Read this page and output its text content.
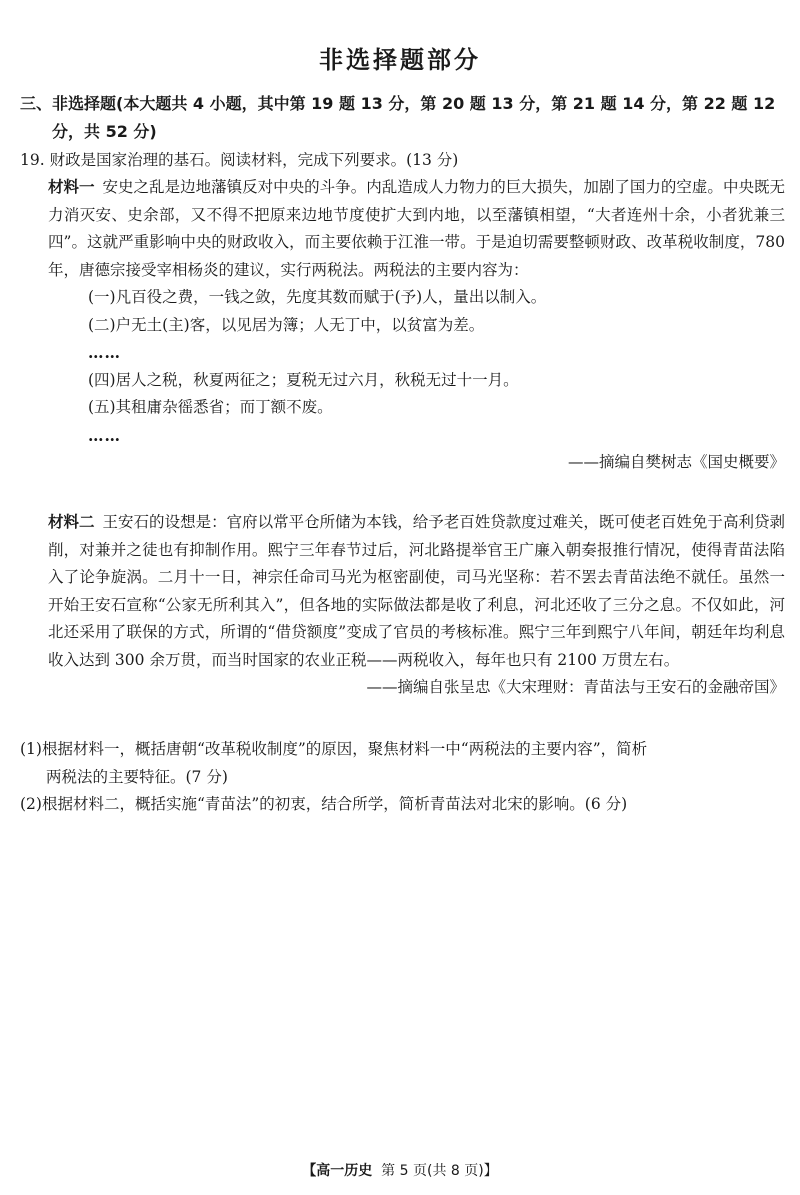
非选择题部分
三、非选择题(本大题共 4 小题，其中第 19 题 13 分，第 20 题 13 分，第 21 题 14 分，第 22 题 12
分，共 52 分)
19. 财政是国家治理的基石。阅读材料，完成下列要求。(13 分)

材料一 安史之乱是边地藩镇反对中央的斗争。内乱造成人力物力的巨大损失，加剧了国力的空虚。中央既无力消灭安、史余部，又不得不把原来边地节度使扩大到内地，以至藩镇相望，“大者连州十余，小者犹兼三四”。这就严重影响中央的财政收入，而主要依赖于江淮一带。于是迫切需要整顿财政、改革税收制度，780 年，唐德宗接受宰相杨炎的建议，实行两税法。两税法的主要内容为：

(一)凡百役之费，一钱之敛，先度其数而赋于(予)人，量出以制入。

(二)户无土(主)客，以见居为簿；人无丁中，以贫富为差。

……

(四)居人之税，秋夏两征之；夏税无过六月，秋税无过十一月。

(五)其租庸杂徭悉省；而丁额不废。

……

——摘编自樊树志《国史概要》

材料二 王安石的设想是：官府以常平仓所储为本钱，给予老百姓贷款度过难关，既可使老百姓免于高利贷剥削，对兼并之徒也有抑制作用。熙宁三年春节过后，河北路提举官王广廉入朝奏报推行情况，使得青苗法陷入了论争旋涡。二月十一日，神宗任命司马光为枢密副使，司马光坚称：若不罢去青苗法绝不就任。虽然一开始王安石宣称“公家无所利其入”，但各地的实际做法都是收了利息，河北还收了三分之息。不仅如此，河北还采用了联保的方式，所谓的“借贷额度”变成了官员的考核标准。熙宁三年到熙宁八年间，朝廷年均利息收入达到 300 余万贯，而当时国家的农业正税——两税收入，每年也只有 2100 万贯左右。

——摘编自张呈忠《大宋理财：青苗法与王安石的金融帝国》

(1)根据材料一，概括唐朝“改革税收制度”的原因，聚焦材料一中“两税法的主要内容”，简析
两税法的主要特征。(7 分)
(2)根据材料二，概括实施“青苗法”的初衷，结合所学，简析青苗法对北宋的影响。(6 分)
【高一历史 第 5 页(共 8 页)】
